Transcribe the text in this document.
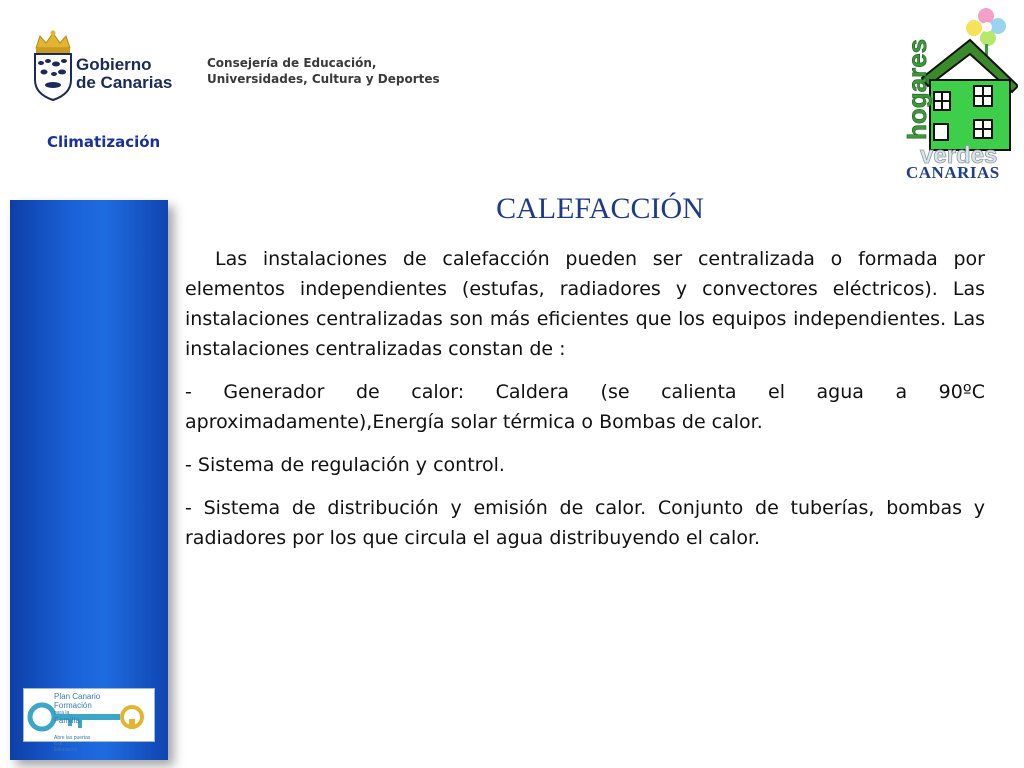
Gobierno
de Canarias
Consejería de Educación,
Universidades, Cultura y Deportes
Climatización
hogares
verdes
CANARIAS
Plan Canario
Formación
para la
Familia
Abre las puertas
a la
Educación
CALEFACCIÓN

Las instalaciones de calefacción pueden ser centralizada o formada por elementos independientes (estufas, radiadores y convectores eléctricos). Las instalaciones centralizadas son más eficientes que los equipos independientes. Las instalaciones centralizadas constan de :

- Generador de calor: Caldera (se calienta el agua a 90ºC aproximadamente),Energía solar térmica o Bombas de calor.

- Sistema de regulación y control.

- Sistema de distribución y emisión de calor. Conjunto de tuberías, bombas y radiadores por los que circula el agua distribuyendo el calor.
